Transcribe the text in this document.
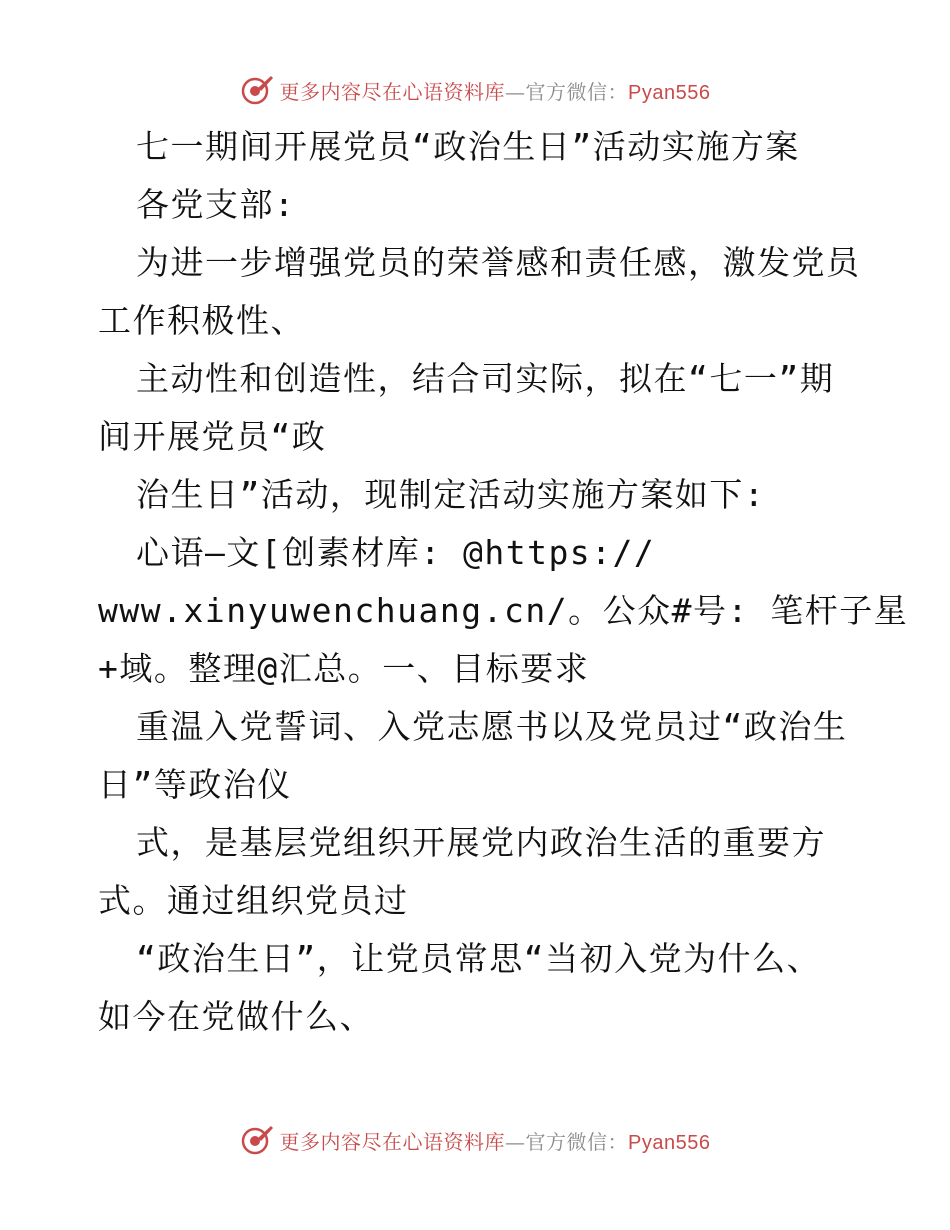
更多内容尽在心语资料库—官方微信：Pyan556
七一期间开展党员“政治生日”活动实施方案
各党支部:
为进一步增强党员的荣誉感和责任感，激发党员
工作积极性、
主动性和创造性，结合司实际，拟在“七一”期
间开展党员“政
治生日”活动，现制定活动实施方案如下:
心语—文[创素材库: @https://
www.xinyuwenchuang.cn/。公众#号: 笔杆子星
+域。整理@汇总。一、目标要求
重温入党誓词、入党志愿书以及党员过“政治生
日”等政治仪
式，是基层党组织开展党内政治生活的重要方
式。通过组织党员过
“政治生日”，让党员常思“当初入党为什么、
如今在党做什么、
更多内容尽在心语资料库—官方微信：Pyan556
